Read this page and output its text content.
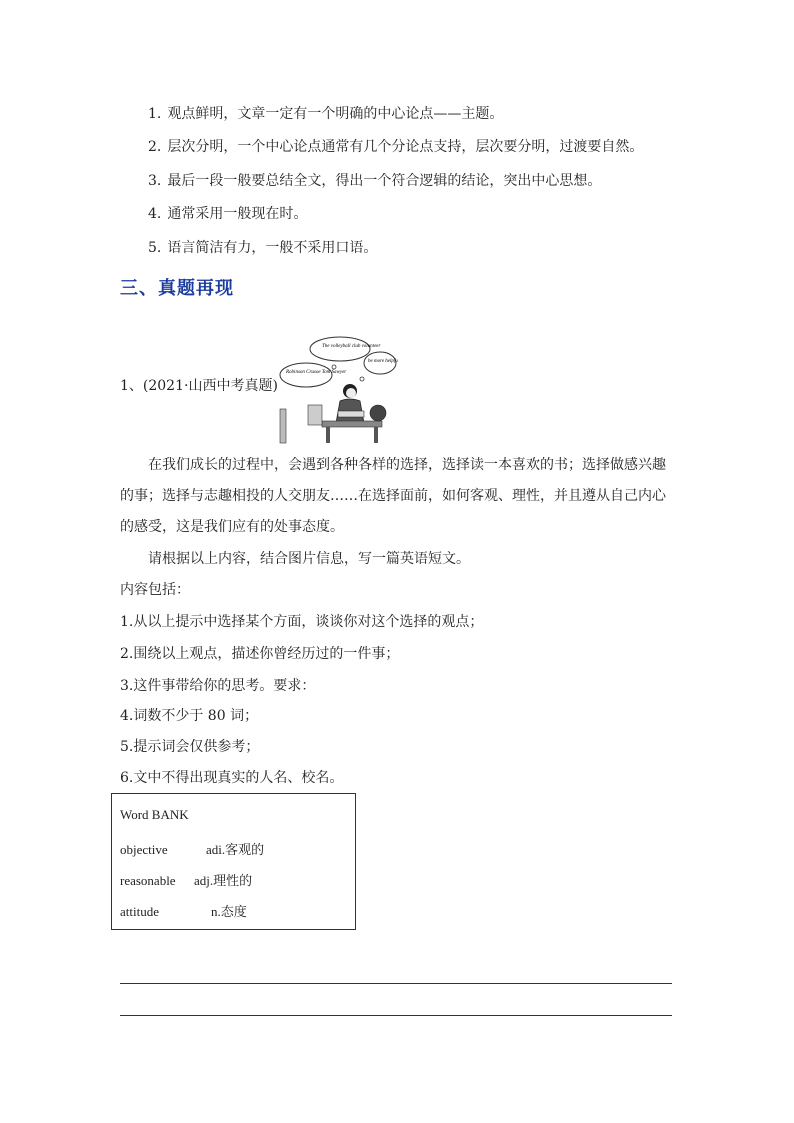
1. 观点鲜明，文章一定有一个明确的中心论点——主题。
2. 层次分明，一个中心论点通常有几个分论点支持，层次要分明，过渡要自然。
3. 最后一段一般要总结全文，得出一个符合逻辑的结论，突出中心思想。
4. 通常采用一般现在时。
5. 语言简洁有力，一般不采用口语。
三、真题再现
1、(2021·山西中考真题)
The volleyball club volunteer
Robinson Crusoe Tom Sawyer
be more helpful
在我们成长的过程中，会遇到各种各样的选择，选择读一本喜欢的书；选择做感兴趣的事；选择与志趣相投的人交朋友……在选择面前，如何客观、理性，并且遵从自己内心的感受，这是我们应有的处事态度。
请根据以上内容，结合图片信息，写一篇英语短文。
内容包括：
1.从以上提示中选择某个方面，谈谈你对这个选择的观点；
2.围绕以上观点，描述你曾经历过的一件事；
3.这件事带给你的思考。要求：
4.词数不少于 80 词；
5.提示词会仅供参考；
6.文中不得出现真实的人名、校名。
Word BANK
objective	adi.客观的
reasonable adj.理性的
attitude	n.态度
